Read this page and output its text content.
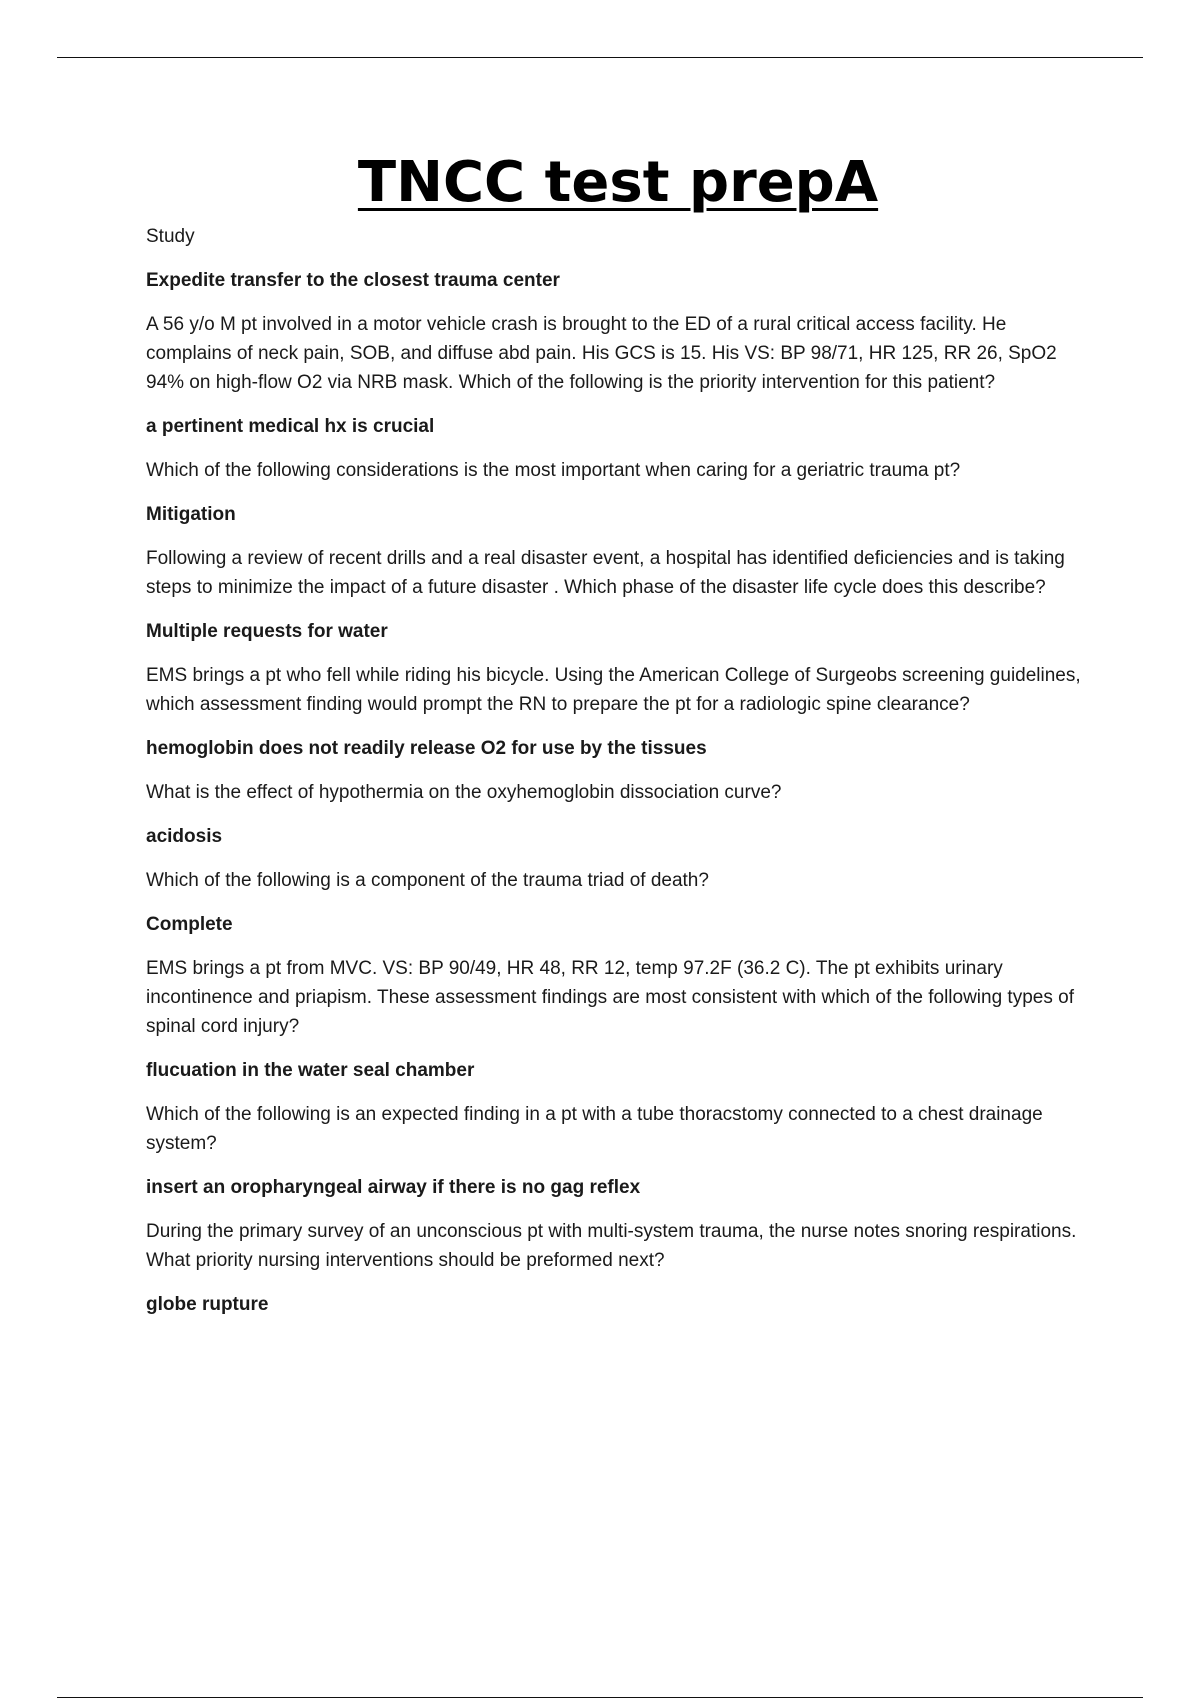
TNCC test prepA

Study

Expedite transfer to the closest trauma center

A 56 y/o M pt involved in a motor vehicle crash is brought to the ED of a rural critical access facility. He complains of neck pain, SOB, and diffuse abd pain. His GCS is 15. His VS: BP 98/71, HR 125, RR 26, SpO2 94% on high-flow O2 via NRB mask. Which of the following is the priority intervention for this patient?

a pertinent medical hx is crucial

Which of the following considerations is the most important when caring for a geriatric trauma pt?

Mitigation

Following a review of recent drills and a real disaster event, a hospital has identified deficiencies and is taking steps to minimize the impact of a future disaster . Which phase of the disaster life cycle does this describe?

Multiple requests for water

EMS brings a pt who fell while riding his bicycle. Using the American College of Surgeobs screening guidelines, which assessment finding would prompt the RN to prepare the pt for a radiologic spine clearance?

hemoglobin does not readily release O2 for use by the tissues

What is the effect of hypothermia on the oxyhemoglobin dissociation curve?

acidosis

Which of the following is a component of the trauma triad of death?

Complete

EMS brings a pt from MVC. VS: BP 90/49, HR 48, RR 12, temp 97.2F (36.2 C). The pt exhibits urinary incontinence and priapism. These assessment findings are most consistent with which of the following types of spinal cord injury?

flucuation in the water seal chamber

Which of the following is an expected finding in a pt with a tube thoracstomy connected to a chest drainage system?

insert an oropharyngeal airway if there is no gag reflex

During the primary survey of an unconscious pt with multi-system trauma, the nurse notes snoring respirations. What priority nursing interventions should be preformed next?

globe rupture
